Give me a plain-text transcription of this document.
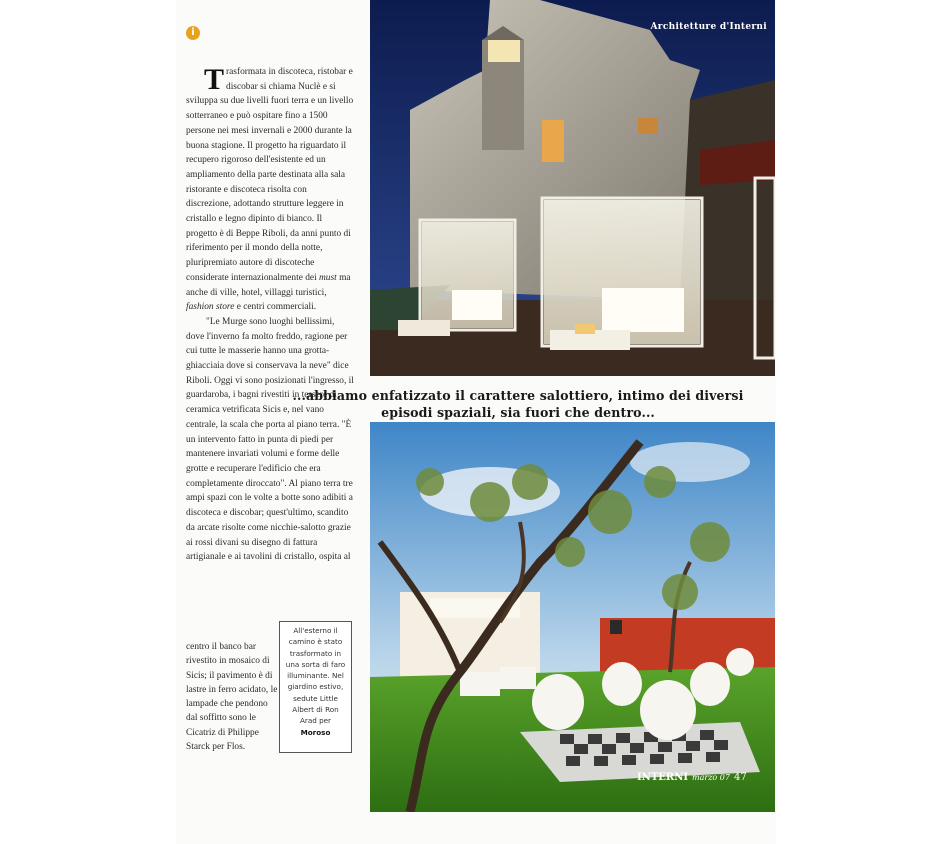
i	Architetture d'Interni

Trasformata in discoteca, ristobar e discobar si chiama Nuclè e si sviluppa su due livelli fuori terra e un livello sotterraneo e può ospitare fino a 1500 persone nei mesi invernali e 2000 durante la buona stagione. Il progetto ha riguardato il recupero rigoroso dell'esistente ed un ampliamento della parte destinata alla sala ristorante e discoteca risolta con discrezione, adottando strutture leggere in cristallo e legno dipinto di bianco. Il progetto è di Beppe Riboli, da anni punto di riferimento per il mondo della notte, pluripremiato autore di discoteche considerate internazionalmente dei must ma anche di ville, hotel, villaggi turistici, fashion store e centri commerciali.

"Le Murge sono luoghi bellissimi, dove l'inverno fa molto freddo, ragione per cui tutte le masserie hanno una grotta-ghiacciaia dove si conservava la neve" dice Riboli. Oggi vi sono posizionati l'ingresso, il guardaroba, i bagni rivestiti in tessere di ceramica vetrificata Sicis e, nel vano centrale, la scala che porta al piano terra. "È un intervento fatto in punta di piedi per mantenere invariati volumi e forme delle grotte e recuperare l'edificio che era completamente diroccato". Al piano terra tre ampi spazi con le volte a botte sono adibiti a discoteca e discobar; quest'ultimo, scandito da arcate risolte come nicchie-salotto grazie ai rossi divani su disegno di fattura artigianale e ai tavolini di cristallo, ospita al

centro il banco bar rivestito in mosaico di Sicis; il pavimento è di lastre in ferro acidato, le lampade che pendono dal soffitto sono le Cicatriz di Philippe Starck per Flos.
All'esterno il camino è stato trasformato in una sorta di faro illuminante. Nel giardino estivo, sedute Little Albert di Ron Arad per Moroso
...abbiamo enfatizzato il carattere salottiero, intimo dei diversi episodi spaziali, sia fuori che dentro...
INTERNI marzo 07 47
